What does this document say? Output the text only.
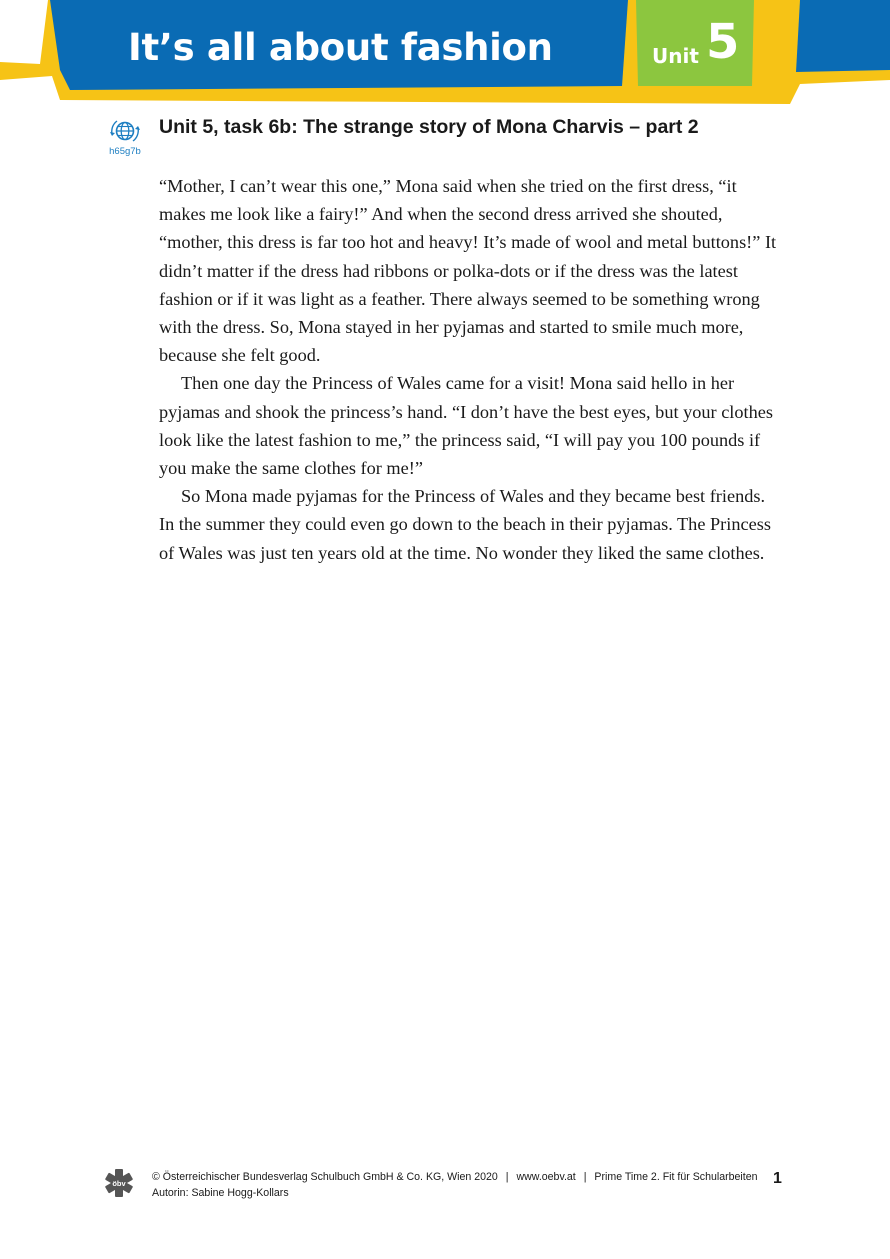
It’s all about fashion	Unit 5
h65g7b
Unit 5, task 6b: The strange story of Mona Charvis – part 2

“Mother, I can’t wear this one,” Mona said when she tried on the first dress, “it makes me look like a fairy!” And when the second dress arrived she shouted, “mother, this dress is far too hot and heavy! It’s made of wool and metal buttons!” It didn’t matter if the dress had ribbons or polka-dots or if the dress was the latest fashion or if it was light as a feather. There always seemed to be something wrong with the dress. So, Mona stayed in her pyjamas and started to smile much more, because she felt good.

Then one day the Princess of Wales came for a visit! Mona said hello in her pyjamas and shook the princess’s hand. “I don’t have the best eyes, but your clothes look like the latest fashion to me,” the princess said, “I will pay you 100 pounds if you make the same clothes for me!”

So Mona made pyjamas for the Princess of Wales and they became best friends. In the summer they could even go down to the beach in their pyjamas. The Princess of Wales was just ten years old at the time. No wonder they liked the same clothes.

öbv
© Österreichischer Bundesverlag Schulbuch GmbH & Co. KG, Wien 2020 | www.oebv.at | Prime Time 2. Fit für Schularbeiten
Autorin: Sabine Hogg-Kollars
1
